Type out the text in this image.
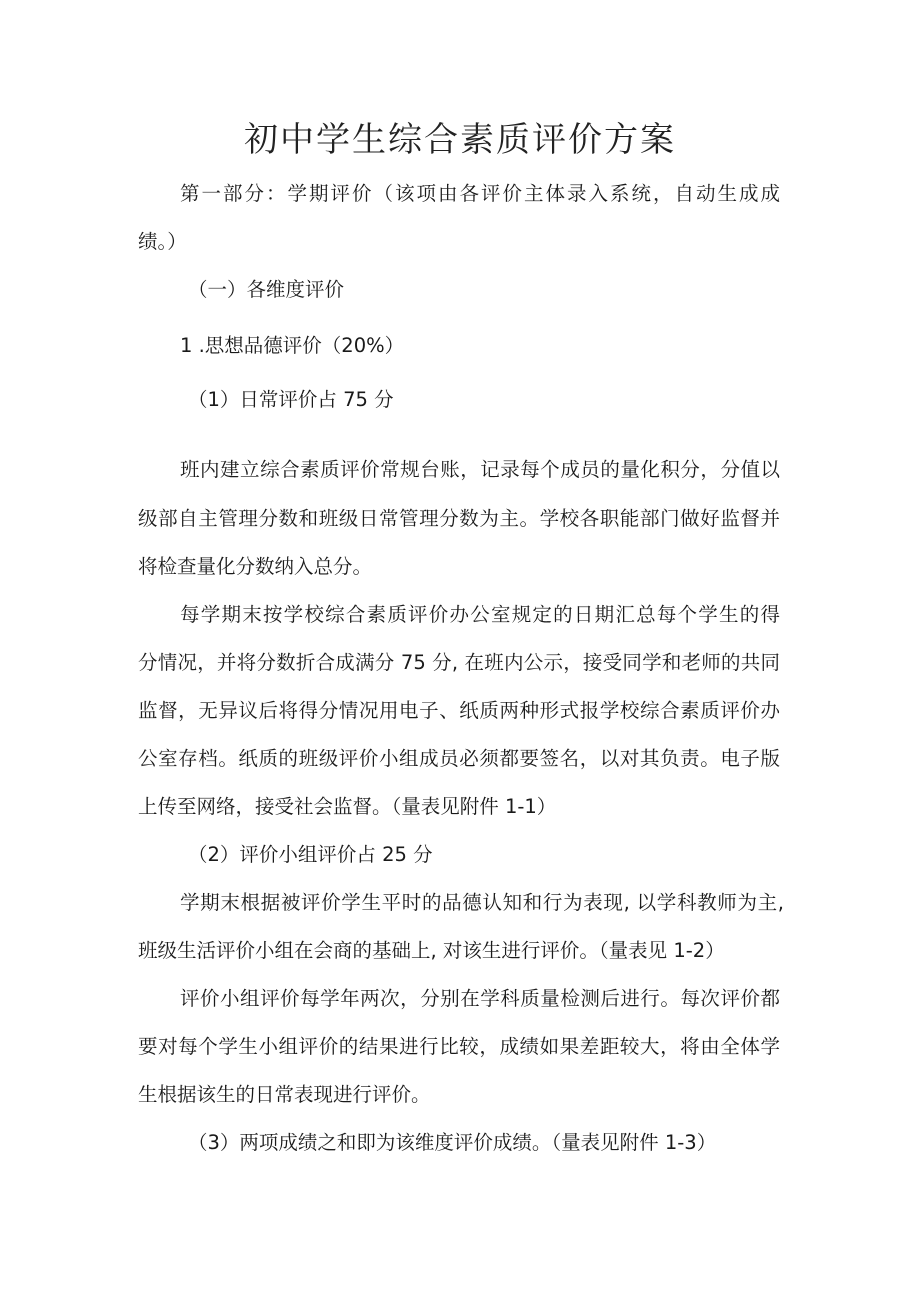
初中学生综合素质评价方案

第一部分：学期评价（该项由各评价主体录入系统，自动生成成

绩。）

（一）各维度评价

1 .思想品德评价（20%）

（1）日常评价占 75 分

班内建立综合素质评价常规台账，记录每个成员的量化积分，分值以

级部自主管理分数和班级日常管理分数为主。学校各职能部门做好监督并

将检查量化分数纳入总分。

每学期末按学校综合素质评价办公室规定的日期汇总每个学生的得

分情况，并将分数折合成满分 75 分, 在班内公示，接受同学和老师的共同

监督，无异议后将得分情况用电子、纸质两种形式报学校综合素质评价办

公室存档。纸质的班级评价小组成员必须都要签名，以对其负责。电子版

上传至网络，接受社会监督。（量表见附件 1-1）

（2）评价小组评价占 25 分

学期末根据被评价学生平时的品德认知和行为表现, 以学科教师为主,

班级生活评价小组在会商的基础上, 对该生进行评价。（量表见 1-2）

评价小组评价每学年两次，分别在学科质量检测后进行。每次评价都

要对每个学生小组评价的结果进行比较，成绩如果差距较大，将由全体学

生根据该生的日常表现进行评价。

（3）两项成绩之和即为该维度评价成绩。（量表见附件 1-3）
